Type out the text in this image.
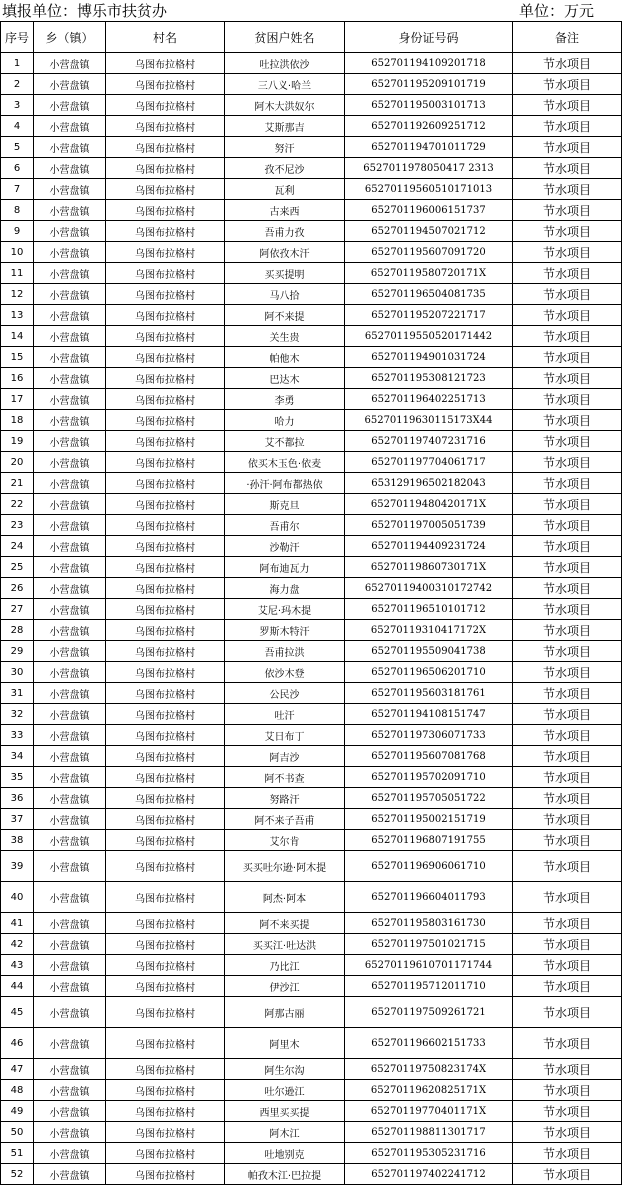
填报单位：博乐市扶贫办	单位：万元
序号	乡（镇）	村名	贫困户姓名	身份证号码	备注
1	小营盘镇	乌图布拉格村	吐拉洪依沙	652701194109201718	节水项目
2	小营盘镇	乌图布拉格村	三八义·哈兰	652701195209101719	节水项目
3	小营盘镇	乌图布拉格村	阿木大洪奴尔	652701195003101713	节水项目
4	小营盘镇	乌图布拉格村	艾斯那吉	652701192609251712	节水项目
5	小营盘镇	乌图布拉格村	努汗	652701194701011729	节水项目
6	小营盘镇	乌图布拉格村	孜不尼沙	6527011978050417 2313	节水项目
7	小营盘镇	乌图布拉格村	瓦利	65270119560510171013	节水项目
8	小营盘镇	乌图布拉格村	古来西	652701196006151737	节水项目
9	小营盘镇	乌图布拉格村	吾甫力孜	652701194507021712	节水项目
10	小营盘镇	乌图布拉格村	阿依孜木汗	652701195607091720	节水项目
11	小营盘镇	乌图布拉格村	买买提明	65270119580720171X	节水项目
12	小营盘镇	乌图布拉格村	马八拾	652701196504081735	节水项目
13	小营盘镇	乌图布拉格村	阿不来提	652701195207221717	节水项目
14	小营盘镇	乌图布拉格村	关生贵	65270119550520171442	节水项目
15	小营盘镇	乌图布拉格村	帕他木	652701194901031724	节水项目
16	小营盘镇	乌图布拉格村	巴达木	652701195308121723	节水项目
17	小营盘镇	乌图布拉格村	李勇	652701196402251713	节水项目
18	小营盘镇	乌图布拉格村	哈力	65270119630115173X44	节水项目
19	小营盘镇	乌图布拉格村	艾不都拉	652701197407231716	节水项目
20	小营盘镇	乌图布拉格村	依买木玉色·依麦	652701197704061717	节水项目
21	小营盘镇	乌图布拉格村	·孙汗·阿布都热依	653129196502182043	节水项目
22	小营盘镇	乌图布拉格村	斯克旦	65270119480420171X	节水项目
23	小营盘镇	乌图布拉格村	吾甫尔	652701197005051739	节水项目
24	小营盘镇	乌图布拉格村	沙勒汗	652701194409231724	节水项目
25	小营盘镇	乌图布拉格村	阿布迪瓦力	65270119860730171X	节水项目
26	小营盘镇	乌图布拉格村	海力盘	65270119400310172742	节水项目
27	小营盘镇	乌图布拉格村	艾尼·玛木提	652701196510101712	节水项目
28	小营盘镇	乌图布拉格村	罗斯木特汗	65270119310417172X	节水项目
29	小营盘镇	乌图布拉格村	吾甫拉洪	652701195509041738	节水项目
30	小营盘镇	乌图布拉格村	依沙木登	652701196506201710	节水项目
31	小营盘镇	乌图布拉格村	公民沙	652701195603181761	节水项目
32	小营盘镇	乌图布拉格村	吐汗	652701194108151747	节水项目
33	小营盘镇	乌图布拉格村	艾日布丁	652701197306071733	节水项目
34	小营盘镇	乌图布拉格村	阿吉沙	652701195607081768	节水项目
35	小营盘镇	乌图布拉格村	阿不书查	652701195702091710	节水项目
36	小营盘镇	乌图布拉格村	努路汗	652701195705051722	节水项目
37	小营盘镇	乌图布拉格村	阿不来子吾甫	652701195002151719	节水项目
38	小营盘镇	乌图布拉格村	艾尔肯	652701196807191755	节水项目
39	小营盘镇	乌图布拉格村	买买吐尔逊·阿木提	652701196906061710	节水项目
40	小营盘镇	乌图布拉格村	阿杰·阿本	652701196604011793	节水项目
41	小营盘镇	乌图布拉格村	阿不来买提	652701195803161730	节水项目
42	小营盘镇	乌图布拉格村	买买江·吐达洪	652701197501021715	节水项目
43	小营盘镇	乌图布拉格村	乃比江	65270119610701171744	节水项目
44	小营盘镇	乌图布拉格村	伊沙江	652701195712011710	节水项目
45	小营盘镇	乌图布拉格村	阿那古丽	652701197509261721	节水项目
46	小营盘镇	乌图布拉格村	阿里木	652701196602151733	节水项目
47	小营盘镇	乌图布拉格村	阿生尔沟	65270119750823174X	节水项目
48	小营盘镇	乌图布拉格村	吐尔逊江	65270119620825171X	节水项目
49	小营盘镇	乌图布拉格村	西里买买提	65270119770401171X	节水项目
50	小营盘镇	乌图布拉格村	阿木江	652701198811301717	节水项目
51	小营盘镇	乌图布拉格村	吐地别克	652701195305231716	节水项目
52	小营盘镇	乌图布拉格村	帕孜木江·巴拉提	652701197402241712	节水项目
